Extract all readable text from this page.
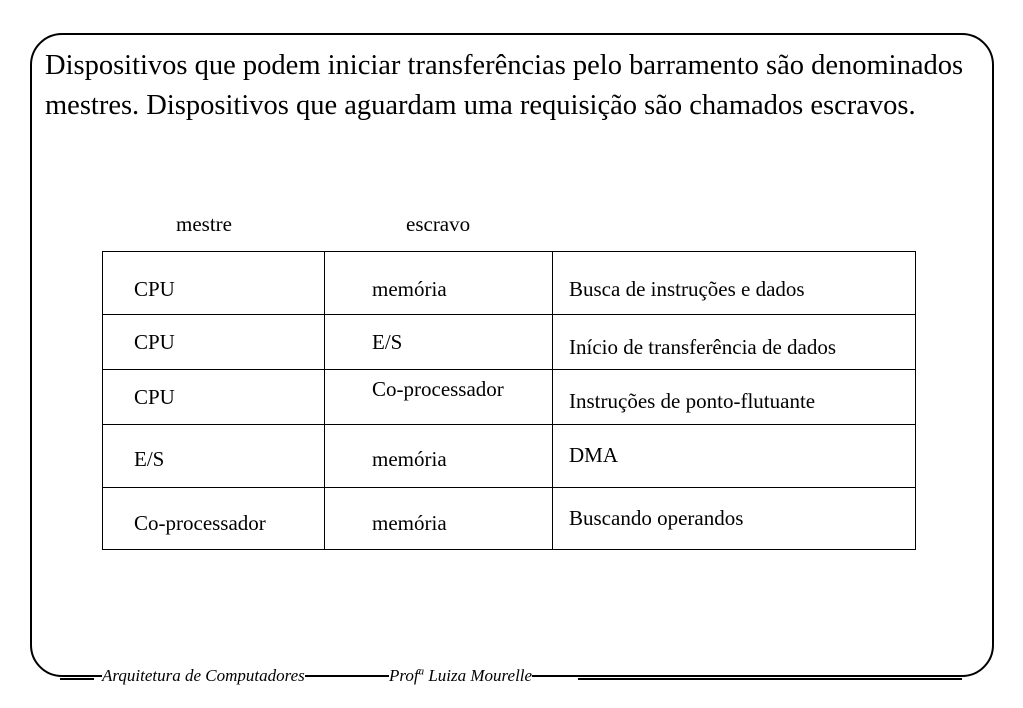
Dispositivos que podem iniciar transferências pelo barramento são denominados mestres. Dispositivos que aguardam uma requisição são chamados escravos.

mestre	escravo
CPU	memória	Busca de instruções e dados

CPU	E/S	Início de transferência de dados

CPU	Co-processador	Instruções de ponto-flutuante

E/S	memória	DMA

Co-processador	memória	Buscando operandos
Arquitetura de Computadores	Prof$^a$ Luiza Mourelle
